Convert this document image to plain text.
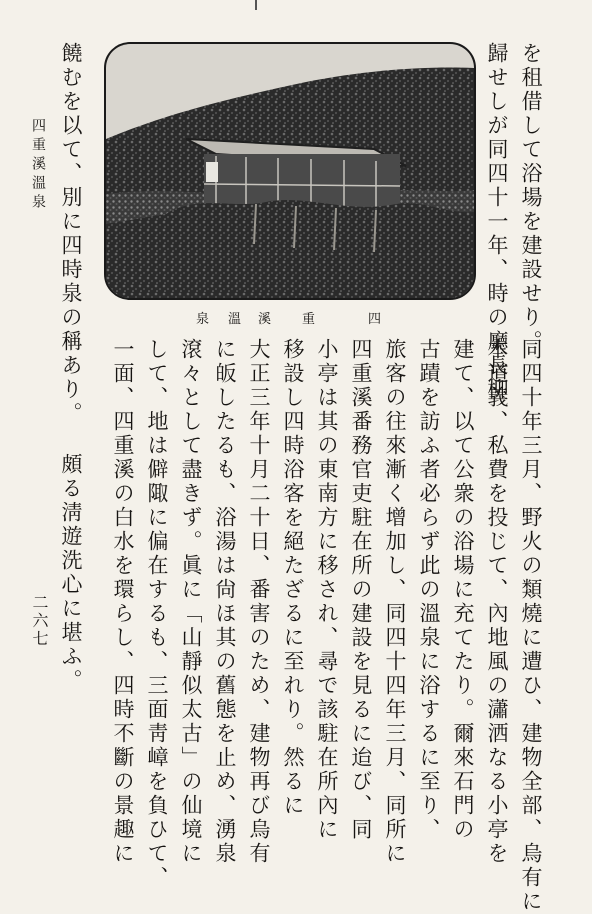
を租借して浴場を建設せり。
歸せしが同四十一年、時の廳長柳
四
重
溪
溫
泉
同四十年三月、野火の類燒に遭ひ、建物全部、烏有に
本道義、私費を投じて、內地風の瀟洒なる小亭を
建て、以て公衆の浴場に充てたり。爾來石門の
古蹟を訪ふ者必らず此の溫泉に浴するに至り、
旅客の往來漸く增加し、同四十四年三月、同所に
四重溪番務官吏駐在所の建設を見るに迨び、同
小亭は其の東南方に移され、尋で該駐在所內に
移設し四時浴客を絕たざるに至れり。然るに
大正三年十月二十日、番害のため、建物再び烏有
に皈したるも、浴湯は尙ほ其の舊態を止め、湧泉
滾々として盡きず。眞に「山靜似太古」の仙境に
して、地は僻陬に偏在するも、三面靑嶂を負ひて、
一面、四重溪の白水を環らし、四時不斷の景趣に
饒むを以て、別に四時泉の稱あり。 頗る淸遊洗心に堪ふ。
四重溪溫泉
二六七
